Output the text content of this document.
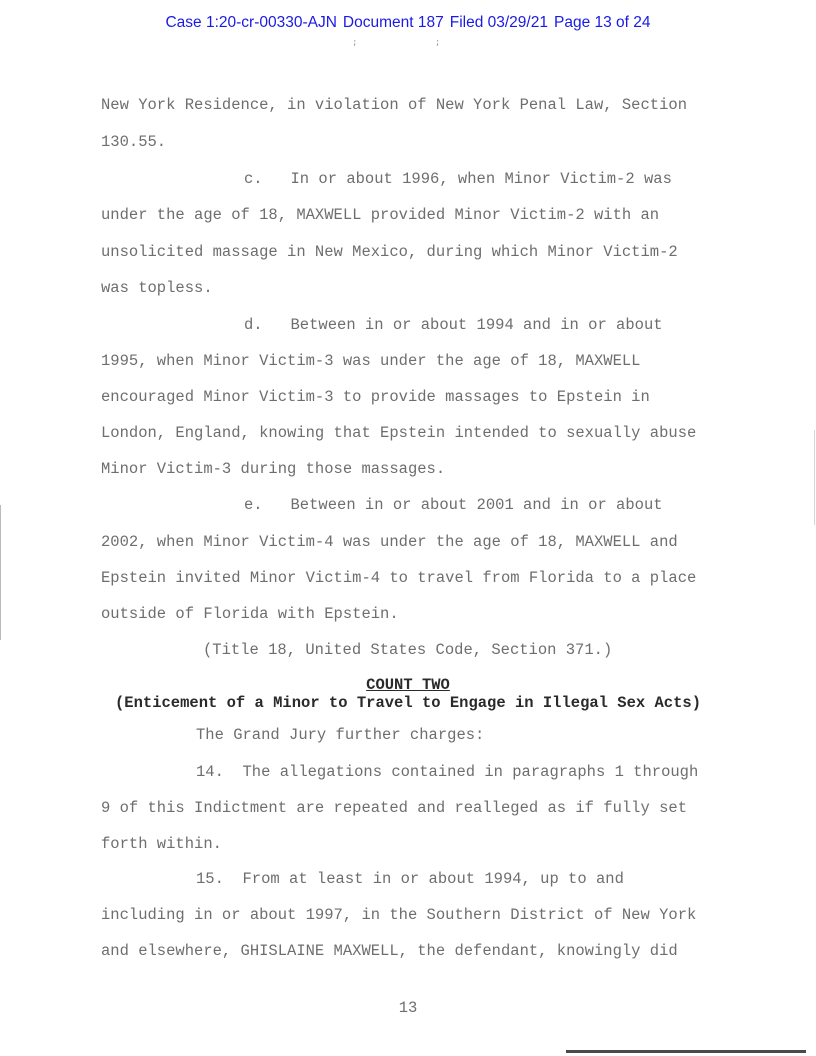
Case 1:20-cr-00330-AJN Document 187 Filed 03/29/21 Page 13 of 24
; ;
New York Residence, in violation of New York Penal Law, Section
130.55.
c.   In or about 1996, when Minor Victim-2 was
under the age of 18, MAXWELL provided Minor Victim-2 with an
unsolicited massage in New Mexico, during which Minor Victim-2
was topless.
d.   Between in or about 1994 and in or about
1995, when Minor Victim-3 was under the age of 18, MAXWELL
encouraged Minor Victim-3 to provide massages to Epstein in
London, England, knowing that Epstein intended to sexually abuse
Minor Victim-3 during those massages.
e.   Between in or about 2001 and in or about
2002, when Minor Victim-4 was under the age of 18, MAXWELL and
Epstein invited Minor Victim-4 to travel from Florida to a place
outside of Florida with Epstein.
(Title 18, United States Code, Section 371.)
COUNT TWO
(Enticement of a Minor to Travel to Engage in Illegal Sex Acts)
The Grand Jury further charges:
14.  The allegations contained in paragraphs 1 through
9 of this Indictment are repeated and realleged as if fully set
forth within.
15.  From at least in or about 1994, up to and
including in or about 1997, in the Southern District of New York
and elsewhere, GHISLAINE MAXWELL, the defendant, knowingly did
13
